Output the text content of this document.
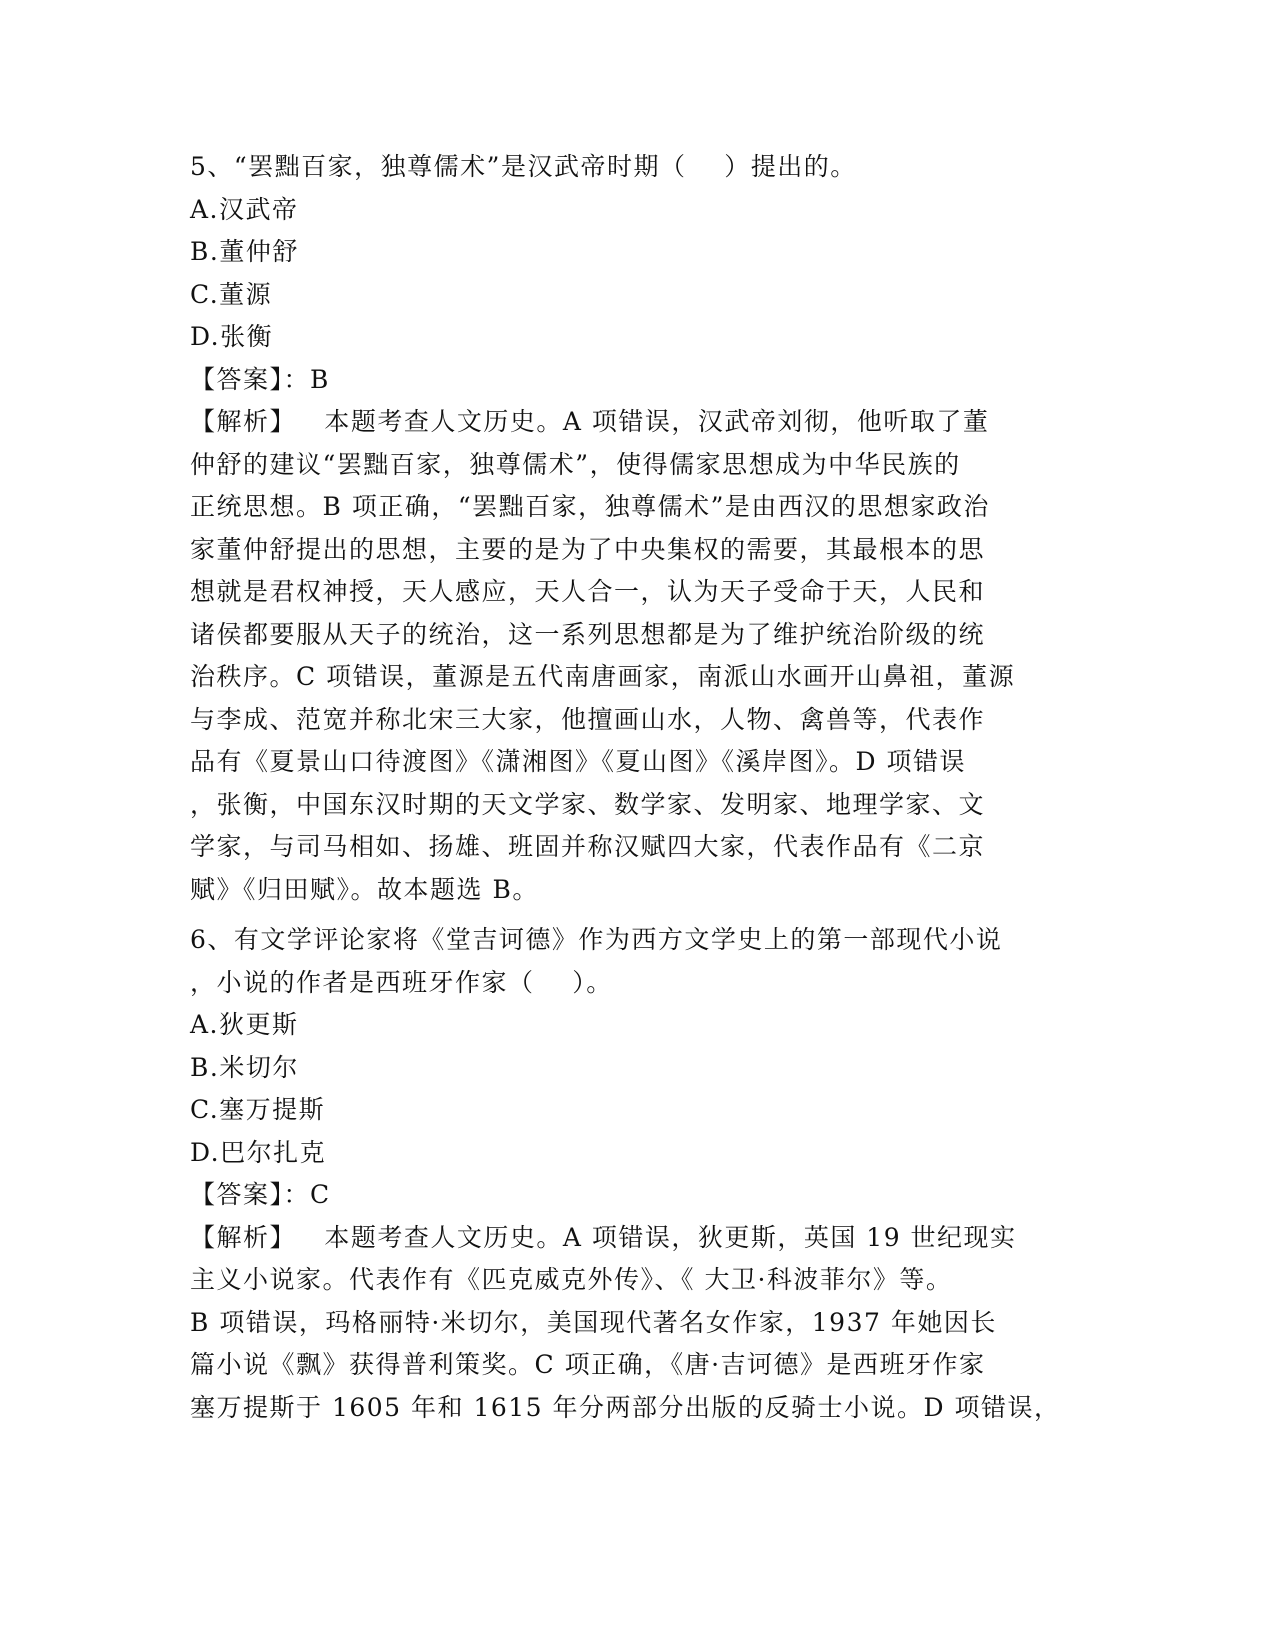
5、“罢黜百家，独尊儒术”是汉武帝时期（    ）提出的。
A.汉武帝
B.董仲舒
C.董源
D.张衡
【答案】：B
【解析】   本题考查人文历史。A 项错误，汉武帝刘彻，他听取了董
仲舒的建议“罢黜百家，独尊儒术”，使得儒家思想成为中华民族的
正统思想。B 项正确，“罢黜百家，独尊儒术”是由西汉的思想家政治
家董仲舒提出的思想，主要的是为了中央集权的需要，其最根本的思
想就是君权神授，天人感应，天人合一，认为天子受命于天，人民和
诸侯都要服从天子的统治，这一系列思想都是为了维护统治阶级的统
治秩序。C 项错误，董源是五代南唐画家，南派山水画开山鼻祖，董源
与李成、范宽并称北宋三大家，他擅画山水，人物、禽兽等，代表作
品有《夏景山口待渡图》《潇湘图》《夏山图》《溪岸图》。D 项错误
，张衡，中国东汉时期的天文学家、数学家、发明家、地理学家、文
学家，与司马相如、扬雄、班固并称汉赋四大家，代表作品有《二京
赋》《归田赋》。故本题选 B。
6、有文学评论家将《堂吉诃德》作为西方文学史上的第一部现代小说
，小说的作者是西班牙作家（    ）。
A.狄更斯
B.米切尔
C.塞万提斯
D.巴尔扎克
【答案】：C
【解析】   本题考查人文历史。A 项错误，狄更斯，英国 19 世纪现实
主义小说家。代表作有《匹克威克外传》、《 大卫·科波菲尔》等。
B 项错误，玛格丽特·米切尔，美国现代著名女作家，1937 年她因长
篇小说《飘》获得普利策奖。C 项正确，《唐·吉诃德》是西班牙作家
塞万提斯于 1605 年和 1615 年分两部分出版的反骑士小说。D 项错误，
